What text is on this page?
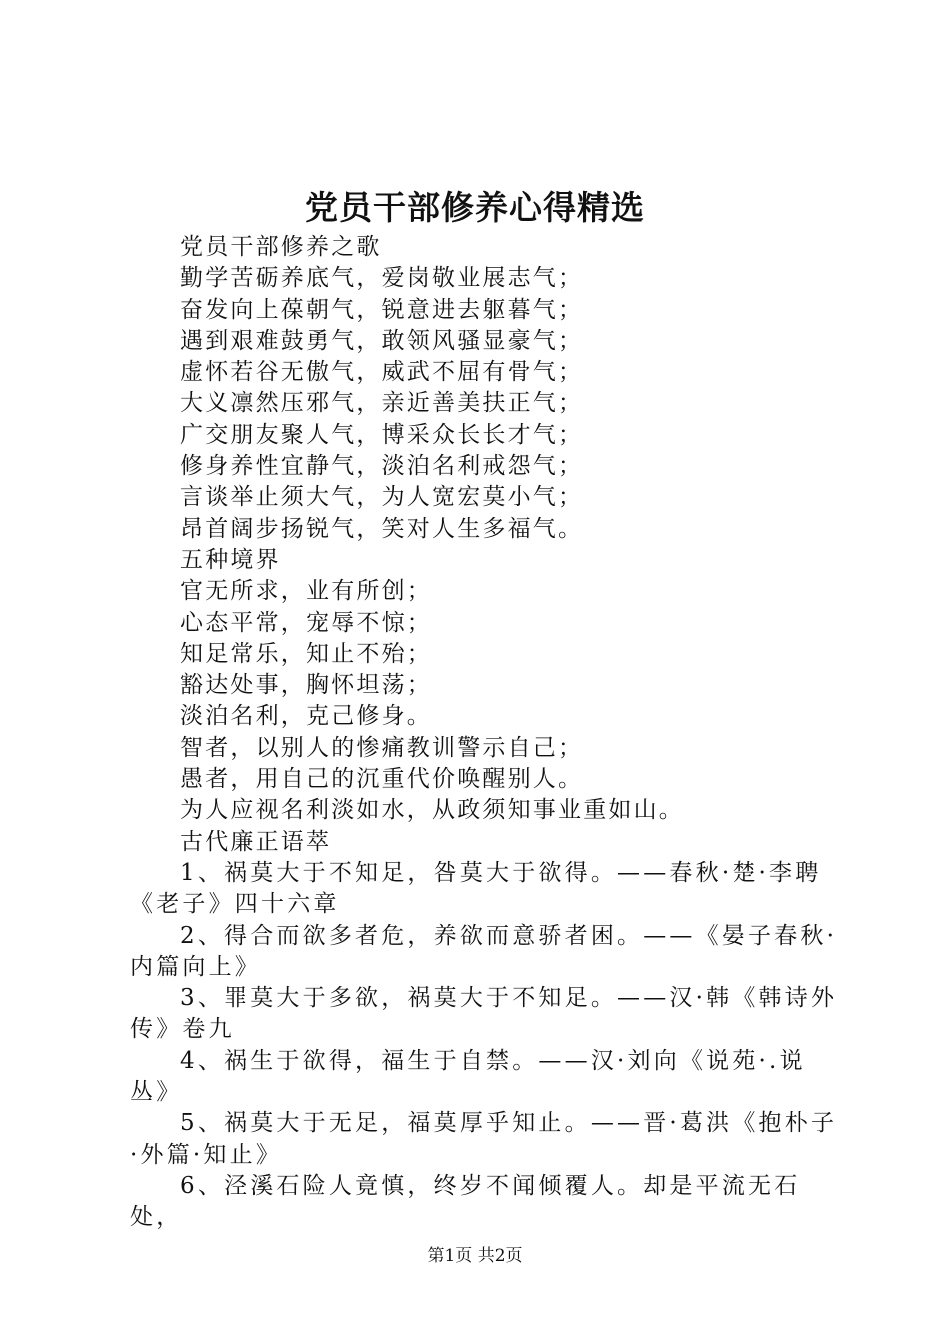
党员干部修养心得精选
党员干部修养之歌
勤学苦砺养底气，爱岗敬业展志气；
奋发向上葆朝气，锐意进去躯暮气；
遇到艰难鼓勇气，敢领风骚显豪气；
虚怀若谷无傲气，威武不屈有骨气；
大义凛然压邪气，亲近善美扶正气；
广交朋友聚人气，博采众长长才气；
修身养性宜静气，淡泊名利戒怨气；
言谈举止须大气，为人宽宏莫小气；
昂首阔步扬锐气，笑对人生多福气。
五种境界
官无所求，业有所创；
心态平常，宠辱不惊；
知足常乐，知止不殆；
豁达处事，胸怀坦荡；
淡泊名利，克己修身。
智者，以别人的惨痛教训警示自己；
愚者，用自己的沉重代价唤醒别人。
为人应视名利淡如水，从政须知事业重如山。
古代廉正语萃
1、祸莫大于不知足，咎莫大于欲得。——春秋·楚·李聘《老子》四十六章
2、得合而欲多者危，养欲而意骄者困。——《晏子春秋·内篇向上》
3、罪莫大于多欲，祸莫大于不知足。——汉·韩《韩诗外传》卷九
4、祸生于欲得，福生于自禁。——汉·刘向《说苑·.说丛》
5、祸莫大于无足，福莫厚乎知止。——晋·葛洪《抱朴子·外篇·知止》
6、泾溪石险人竟慎，终岁不闻倾覆人。却是平流无石处，
第1页 共2页
